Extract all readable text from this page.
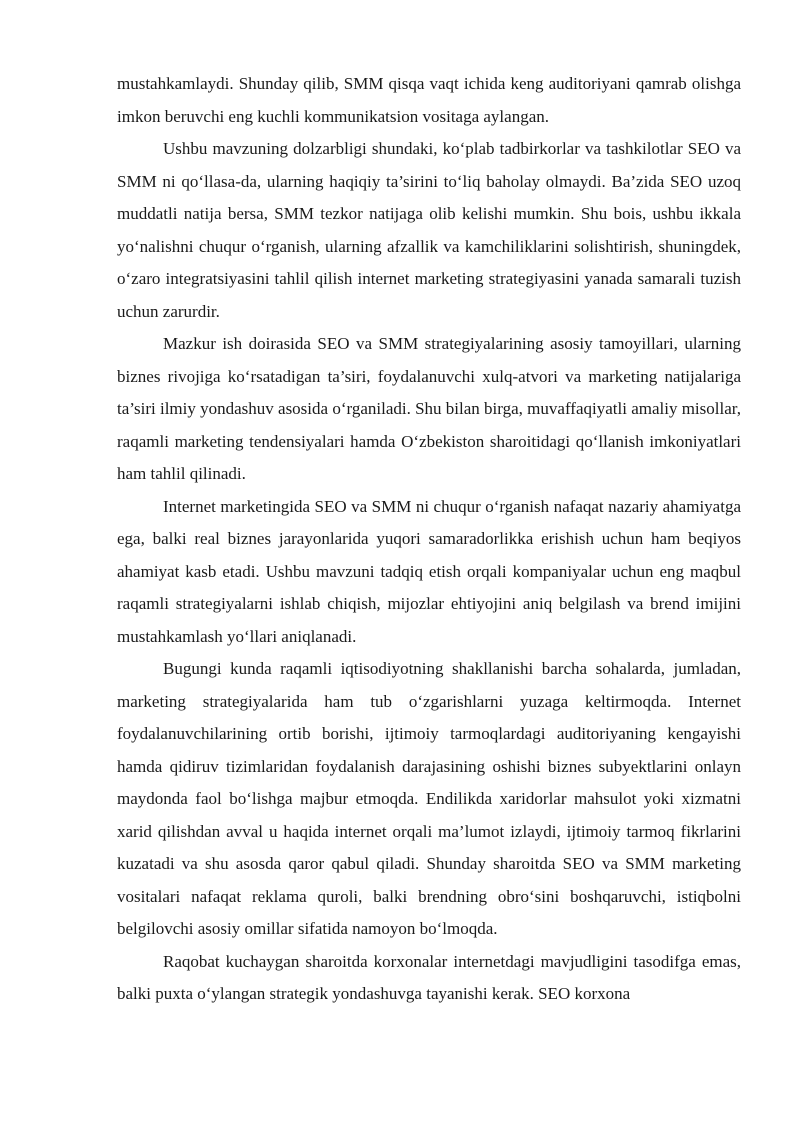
mustahkamlaydi. Shunday qilib, SMM qisqa vaqt ichida keng auditoriyani qamrab olishga imkon beruvchi eng kuchli kommunikatsion vositaga aylangan.

Ushbu mavzuning dolzarbligi shundaki, ko‘plab tadbirkorlar va tashkilotlar SEO va SMM ni qo‘llasa-da, ularning haqiqiy ta’sirini to‘liq baholay olmaydi. Ba’zida SEO uzoq muddatli natija bersa, SMM tezkor natijaga olib kelishi mumkin. Shu bois, ushbu ikkala yo‘nalishni chuqur o‘rganish, ularning afzallik va kamchiliklarini solishtirish, shuningdek, o‘zaro integratsiyasini tahlil qilish internet marketing strategiyasini yanada samarali tuzish uchun zarurdir.

Mazkur ish doirasida SEO va SMM strategiyalarining asosiy tamoyillari, ularning biznes rivojiga ko‘rsatadigan ta’siri, foydalanuvchi xulq-atvori va marketing natijalariga ta’siri ilmiy yondashuv asosida o‘rganiladi. Shu bilan birga, muvaffaqiyatli amaliy misollar, raqamli marketing tendensiyalari hamda O‘zbekiston sharoitidagi qo‘llanish imkoniyatlari ham tahlil qilinadi.

Internet marketingida SEO va SMM ni chuqur o‘rganish nafaqat nazariy ahamiyatga ega, balki real biznes jarayonlarida yuqori samaradorlikka erishish uchun ham beqiyos ahamiyat kasb etadi. Ushbu mavzuni tadqiq etish orqali kompaniyalar uchun eng maqbul raqamli strategiyalarni ishlab chiqish, mijozlar ehtiyojini aniq belgilash va brend imijini mustahkamlash yo‘llari aniqlanadi.

Bugungi kunda raqamli iqtisodiyotning shakllanishi barcha sohalarda, jumladan, marketing strategiyalarida ham tub o‘zgarishlarni yuzaga keltirmoqda. Internet foydalanuvchilarining ortib borishi, ijtimoiy tarmoqlardagi auditoriyaning kengayishi hamda qidiruv tizimlaridan foydalanish darajasining oshishi biznes subyektlarini onlayn maydonda faol bo‘lishga majbur etmoqda. Endilikda xaridorlar mahsulot yoki xizmatni xarid qilishdan avval u haqida internet orqali ma’lumot izlaydi, ijtimoiy tarmoq fikrlarini kuzatadi va shu asosda qaror qabul qiladi. Shunday sharoitda SEO va SMM marketing vositalari nafaqat reklama quroli, balki brendning obro‘sini boshqaruvchi, istiqbolni belgilovchi asosiy omillar sifatida namoyon bo‘lmoqda.

Raqobat kuchaygan sharoitda korxonalar internetdagi mavjudligini tasodifga emas, balki puxta o‘ylangan strategik yondashuvga tayanishi kerak. SEO korxona
